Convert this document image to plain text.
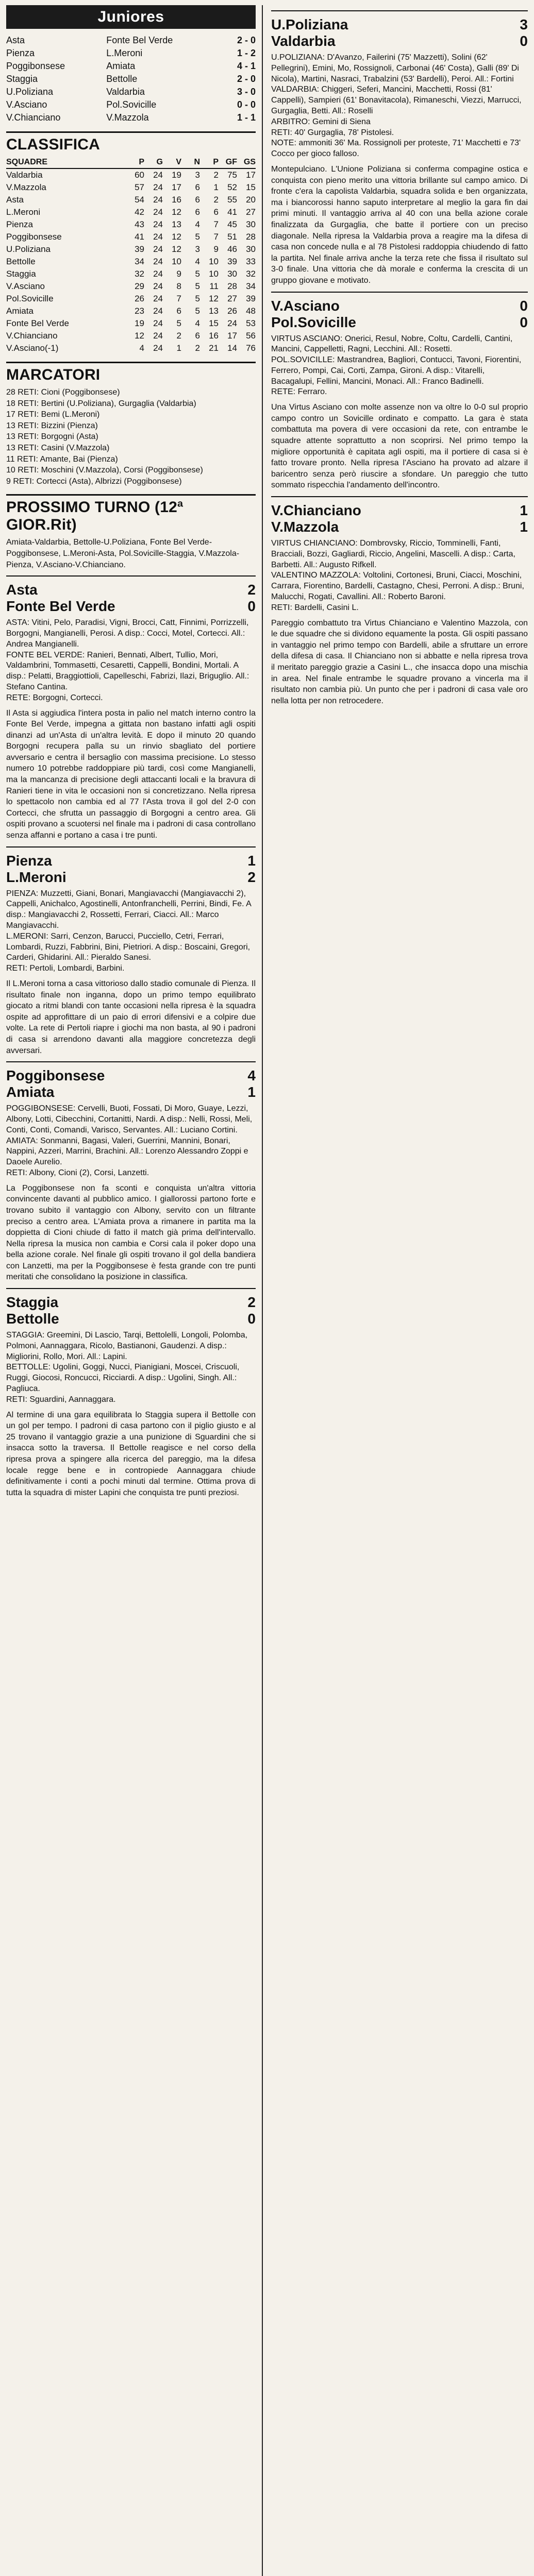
Juniores
Asta	Fonte Bel Verde	2 - 0
Pienza	L.Meroni	1 - 2
Poggibonsese	Amiata	4 - 1
Staggia	Bettolle	2 - 0
U.Poliziana	Valdarbia	3 - 0
V.Asciano	Pol.Sovicille	0 - 0
V.Chianciano	V.Mazzola	1 - 1
CLASSIFICA
SQUADRE	P	G	V	N	P	GF	GS
Valdarbia	60	24	19	3	2	75	17
V.Mazzola	57	24	17	6	1	52	15
Asta	54	24	16	6	2	55	20
L.Meroni	42	24	12	6	6	41	27
Pienza	43	24	13	4	7	45	30
Poggibonsese	41	24	12	5	7	51	28
U.Poliziana	39	24	12	3	9	46	30
Bettolle	34	24	10	4	10	39	33
Staggia	32	24	9	5	10	30	32
V.Asciano	29	24	8	5	11	28	34
Pol.Sovicille	26	24	7	5	12	27	39
Amiata	23	24	6	5	13	26	48
Fonte Bel Verde	19	24	5	4	15	24	53
V.Chianciano	12	24	2	6	16	17	56
V.Asciano(-1)	4	24	1	2	21	14	76
MARCATORI
28 RETI: Cioni (Poggibonsese)
18 RETI: Bertini (U.Poliziana), Gurgaglia (Valdarbia)
17 RETI: Bemi (L.Meroni)
13 RETI: Bizzini (Pienza)
13 RETI: Borgogni (Asta)
13 RETI: Casini (V.Mazzola)
11 RETI: Amante, Bai (Pienza)
10 RETI: Moschini (V.Mazzola), Corsi (Poggibonsese)
9 RETI: Cortecci (Asta), Albrizzi (Poggibonsese)
PROSSIMO TURNO (12ª GIOR.Rit)
Amiata-Valdarbia, Bettolle-U.Poliziana, Fonte Bel Verde-Poggibonsese, L.Meroni-Asta, Pol.Sovicille-Staggia, V.Mazzola-Pienza, V.Asciano-V.Chianciano.
Asta	2
Fonte Bel Verde	0
ASTA: Vitini, Pelo, Paradisi, Vigni, Brocci, Catt, Finnimi, Porrizzelli, Borgogni, Mangianelli, Perosi. A disp.: Cocci, Motel, Cortecci. All.: Andrea Mangianelli.
FONTE BEL VERDE: Ranieri, Bennati, Albert, Tullio, Mori, Valdambrini, Tommasetti, Cesaretti, Cappelli, Bondini, Mortali. A disp.: Pelatti, Braggiottioli, Capelleschi, Fabrizi, Ilazi, Briguglio. All.: Stefano Cantina.
RETE: Borgogni, Cortecci.
Il Asta si aggiudica l'intera posta in palio nel match interno contro la Fonte Bel Verde, impegna a gittata non bastano infatti agli ospiti dinanzi ad un'Asta di un'altra levità. E dopo il minuto 20 quando Borgogni recupera palla su un rinvio sbagliato del portiere avversario e centra il bersaglio con massima precisione. Lo stesso numero 10 potrebbe raddoppiare più tardi, così come Mangianelli, ma la mancanza di precisione degli attaccanti locali e la bravura di Ranieri tiene in vita le occasioni non si concretizzano. Nella ripresa lo spettacolo non cambia ed al 77 l'Asta trova il gol del 2-0 con Cortecci, che sfrutta un passaggio di Borgogni a centro area. Gli ospiti provano a scuotersi nel finale ma i padroni di casa controllano senza affanni e portano a casa i tre punti.
Pienza	1
L.Meroni	2
PIENZA: Muzzetti, Giani, Bonari, Mangiavacchi (Mangiavacchi 2), Cappelli, Anichalco, Agostinelli, Antonfranchelli, Perrini, Bindi, Fe. A disp.: Mangiavacchi 2, Rossetti, Ferrari, Ciacci. All.: Marco Mangiavacchi.
L.MERONI: Sarri, Cenzon, Barucci, Pucciello, Cetri, Ferrari, Lombardi, Ruzzi, Fabbrini, Bini, Pietriori. A disp.: Boscaini, Gregori, Carderi, Ghidarini. All.: Pieraldo Sanesi.
RETI: Pertoli, Lombardi, Barbini.
Il L.Meroni torna a casa vittorioso dallo stadio comunale di Pienza. Il risultato finale non inganna, dopo un primo tempo equilibrato giocato a ritmi blandi con tante occasioni nella ripresa è la squadra ospite ad approfittare di un paio di errori difensivi e a colpire due volte. La rete di Pertoli riapre i giochi ma non basta, al 90 i padroni di casa si arrendono davanti alla maggiore concretezza degli avversari.
Poggibonsese	4
Amiata	1
POGGIBONSESE: Cervelli, Buoti, Fossati, Di Moro, Guaye, Lezzi, Albony, Lotti, Cibecchini, Cortanitti, Nardi. A disp.: Nelli, Rossi, Meli, Conti, Conti, Comandi, Varisco, Servantes. All.: Luciano Cortini.
AMIATA: Sonmanni, Bagasi, Valeri, Guerrini, Mannini, Bonari, Nappini, Azzeri, Marrini, Brachini. All.: Lorenzo Alessandro Zoppi e Daoele Aurelio.
RETI: Albony, Cioni (2), Corsi, Lanzetti.
La Poggibonsese non fa sconti e conquista un'altra vittoria convincente davanti al pubblico amico. I giallorossi partono forte e trovano subito il vantaggio con Albony, servito con un filtrante preciso a centro area. L'Amiata prova a rimanere in partita ma la doppietta di Cioni chiude di fatto il match già prima dell'intervallo. Nella ripresa la musica non cambia e Corsi cala il poker dopo una bella azione corale. Nel finale gli ospiti trovano il gol della bandiera con Lanzetti, ma per la Poggibonsese è festa grande con tre punti meritati che consolidano la posizione in classifica.
Staggia	2
Bettolle	0
STAGGIA: Greemini, Di Lascio, Tarqi, Bettolelli, Longoli, Polomba, Polmoni, Aannaggara, Ricolo, Bastianoni, Gaudenzi. A disp.: Migliorini, Rollo, Mori. All.: Lapini.
BETTOLLE: Ugolini, Goggi, Nucci, Pianigiani, Moscei, Criscuoli, Ruggi, Giocosi, Roncucci, Ricciardi. A disp.: Ugolini, Singh. All.: Pagliuca.
RETI: Sguardini, Aannaggara.
Al termine di una gara equilibrata lo Staggia supera il Bettolle con un gol per tempo. I padroni di casa partono con il piglio giusto e al 25 trovano il vantaggio grazie a una punizione di Sguardini che si insacca sotto la traversa. Il Bettolle reagisce e nel corso della ripresa prova a spingere alla ricerca del pareggio, ma la difesa locale regge bene e in contropiede Aannaggara chiude definitivamente i conti a pochi minuti dal termine. Ottima prova di tutta la squadra di mister Lapini che conquista tre punti preziosi.
U.Poliziana	3
Valdarbia	0
U.POLIZIANA: D'Avanzo, Failerini (75' Mazzetti), Solini (62' Pellegrini), Emini, Mo, Rossignoli, Carbonai (46' Costa), Galli (89' Di Nicola), Martini, Nasraci, Trabalzini (53' Bardelli), Peroi. All.: Fortini
VALDARBIA: Chiggeri, Seferi, Mancini, Macchetti, Rossi (81' Cappelli), Sampieri (61' Bonavitacola), Rimaneschi, Viezzi, Marrucci, Gurgaglia, Betti. All.: Roselli
ARBITRO: Gemini di Siena
RETI: 40' Gurgaglia, 78' Pistolesi.
NOTE: ammoniti 36' Ma. Rossignoli per proteste, 71' Macchetti e 73' Cocco per gioco falloso.
Montepulciano. L'Unione Poliziana si conferma compagine ostica e conquista con pieno merito una vittoria brillante sul campo amico. Di fronte c'era la capolista Valdarbia, squadra solida e ben organizzata, ma i biancorossi hanno saputo interpretare al meglio la gara fin dai primi minuti. Il vantaggio arriva al 40 con una bella azione corale finalizzata da Gurgaglia, che batte il portiere con un preciso diagonale. Nella ripresa la Valdarbia prova a reagire ma la difesa di casa non concede nulla e al 78 Pistolesi raddoppia chiudendo di fatto la partita. Nel finale arriva anche la terza rete che fissa il risultato sul 3-0 finale. Una vittoria che dà morale e conferma la crescita di un gruppo giovane e motivato.
V.Asciano	0
Pol.Sovicille	0
VIRTUS ASCIANO: Onerici, Resul, Nobre, Coltu, Cardelli, Cantini, Mancini, Cappelletti, Ragni, Lecchini. All.: Rosetti.
POL.SOVICILLE: Mastrandrea, Bagliori, Contucci, Tavoni, Fiorentini, Ferrero, Pompi, Cai, Corti, Zampa, Gironi. A disp.: Vitarelli, Bacagalupi, Fellini, Mancini, Monaci. All.: Franco Badinelli.
RETE: Ferraro.
Una Virtus Asciano con molte assenze non va oltre lo 0-0 sul proprio campo contro un Sovicille ordinato e compatto. La gara è stata combattuta ma povera di vere occasioni da rete, con entrambe le squadre attente soprattutto a non scoprirsi. Nel primo tempo la migliore opportunità è capitata agli ospiti, ma il portiere di casa si è fatto trovare pronto. Nella ripresa l'Asciano ha provato ad alzare il baricentro senza però riuscire a sfondare. Un pareggio che tutto sommato rispecchia l'andamento dell'incontro.
V.Chianciano	1
V.Mazzola	1
VIRTUS CHIANCIANO: Dombrovsky, Riccio, Tomminelli, Fanti, Bracciali, Bozzi, Gagliardi, Riccio, Angelini, Mascelli. A disp.: Carta, Barbetti. All.: Augusto Rifkell.
VALENTINO MAZZOLA: Voltolini, Cortonesi, Bruni, Ciacci, Moschini, Carrara, Fiorentino, Bardelli, Castagno, Chesi, Perroni. A disp.: Bruni, Malucchi, Rogati, Cavallini. All.: Roberto Baroni.
RETI: Bardelli, Casini L.
Pareggio combattuto tra Virtus Chianciano e Valentino Mazzola, con le due squadre che si dividono equamente la posta. Gli ospiti passano in vantaggio nel primo tempo con Bardelli, abile a sfruttare un errore della difesa di casa. Il Chianciano non si abbatte e nella ripresa trova il meritato pareggio grazie a Casini L., che insacca dopo una mischia in area. Nel finale entrambe le squadre provano a vincerla ma il risultato non cambia più. Un punto che per i padroni di casa vale oro nella lotta per non retrocedere.
